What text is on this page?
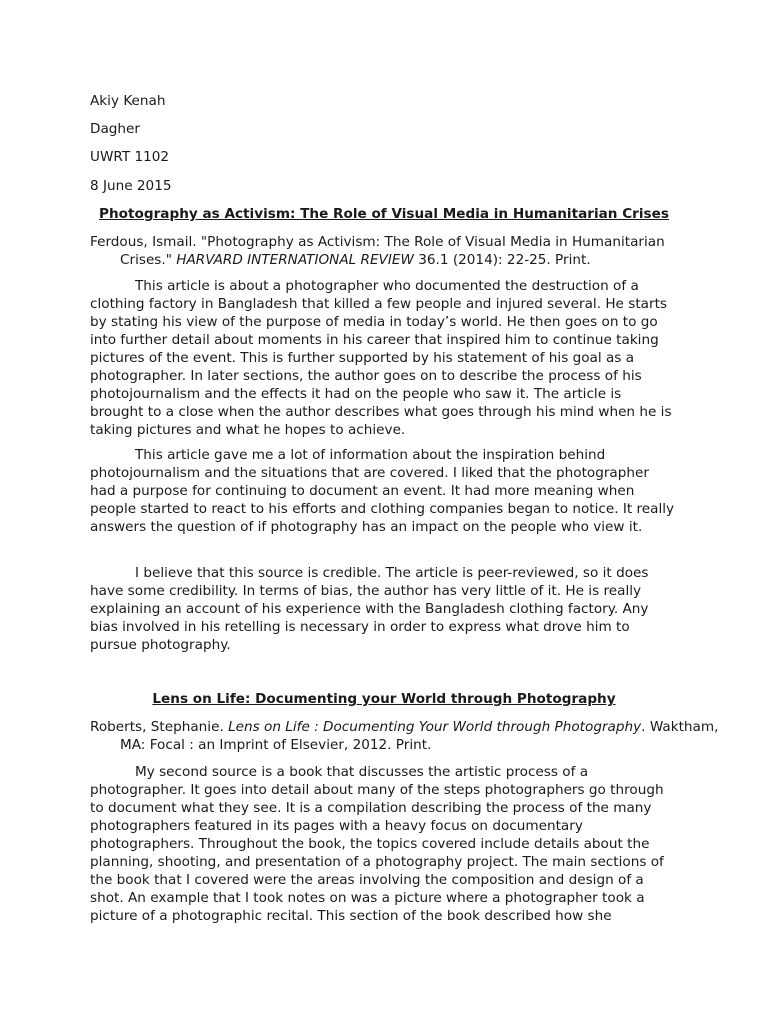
Akiy Kenah

Dagher

UWRT 1102

8 June 2015

Photography as Activism: The Role of Visual Media in Humanitarian Crises

Ferdous, Ismail. "Photography as Activism: The Role of Visual Media in Humanitarian Crises." HARVARD INTERNATIONAL REVIEW 36.1 (2014): 22-25. Print.

This article is about a photographer who documented the destruction of a clothing factory in Bangladesh that killed a few people and injured several. He starts by stating his view of the purpose of media in today’s world. He then goes on to go into further detail about moments in his career that inspired him to continue taking pictures of the event. This is further supported by his statement of his goal as a photographer. In later sections, the author goes on to describe the process of his photojournalism and the effects it had on the people who saw it. The article is brought to a close when the author describes what goes through his mind when he is taking pictures and what he hopes to achieve.

This article gave me a lot of information about the inspiration behind photojournalism and the situations that are covered. I liked that the photographer had a purpose for continuing to document an event. It had more meaning when people started to react to his efforts and clothing companies began to notice. It really answers the question of if photography has an impact on the people who view it.

I believe that this source is credible. The article is peer-reviewed, so it does have some credibility. In terms of bias, the author has very little of it. He is really explaining an account of his experience with the Bangladesh clothing factory. Any bias involved in his retelling is necessary in order to express what drove him to pursue photography.

Lens on Life: Documenting your World through Photography

Roberts, Stephanie. Lens on Life : Documenting Your World through Photography. Waktham, MA: Focal : an Imprint of Elsevier, 2012. Print.

My second source is a book that discusses the artistic process of a photographer. It goes into detail about many of the steps photographers go through to document what they see. It is a compilation describing the process of the many photographers featured in its pages with a heavy focus on documentary photographers. Throughout the book, the topics covered include details about the planning, shooting, and presentation of a photography project. The main sections of the book that I covered were the areas involving the composition and design of a shot. An example that I took notes on was a picture where a photographer took a picture of a photographic recital. This section of the book described how she
